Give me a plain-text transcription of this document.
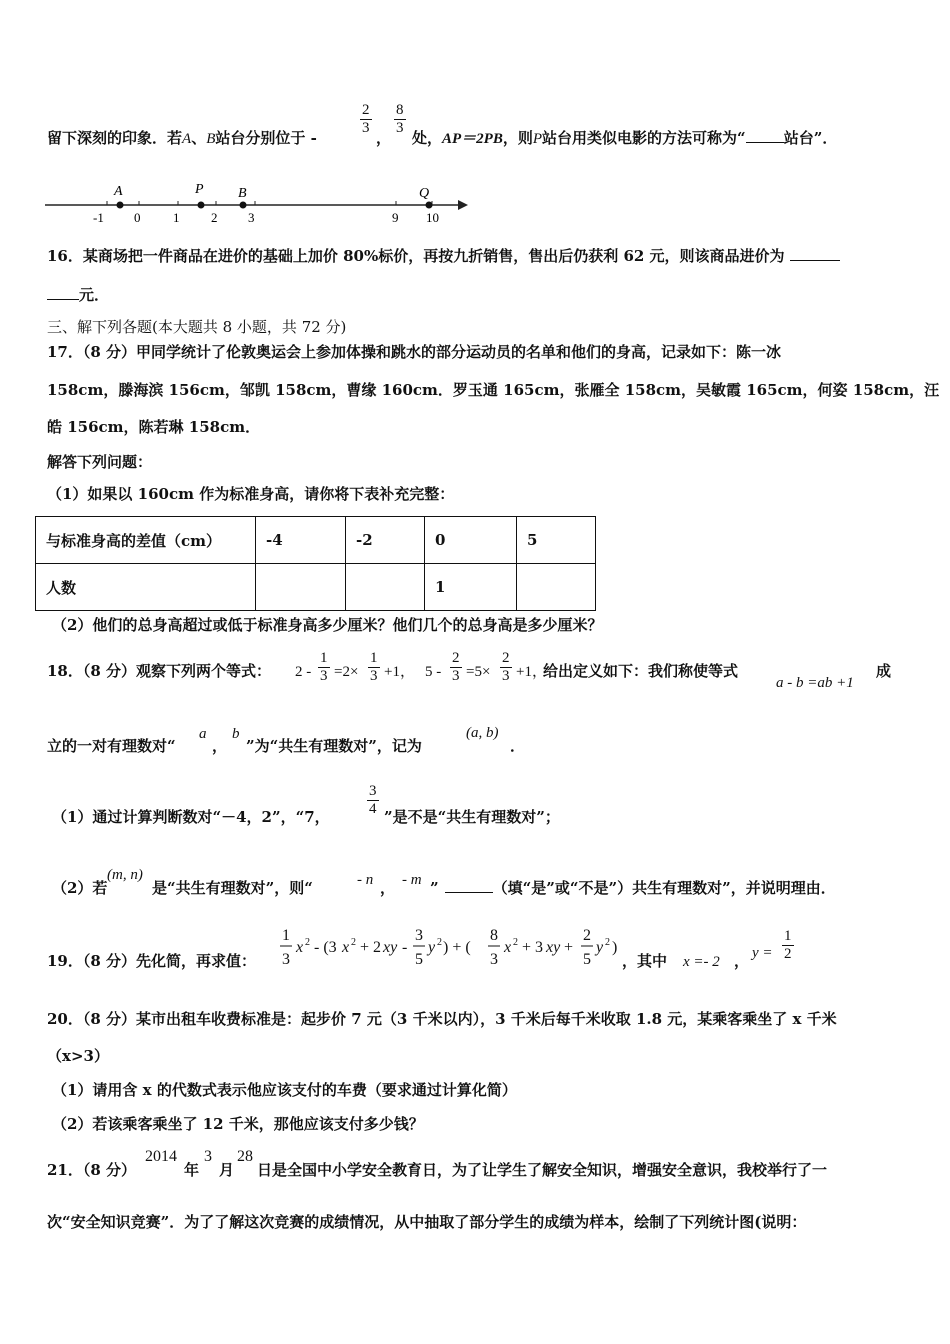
留下深刻的印象．若A、B站台分别位于 -
$\frac{2}{3}$
，
$\frac{8}{3}$
处，AP＝2PB，则P站台用类似电影的方法可称为“	站台”．
A	P B	Q
-1 0	1 2 3	9 10
16．某商场把一件商品在进价的基础上加价 80%标价，再按九折销售，售出后仍获利 62 元，则该商品进价为
元．
三、解下列各题(本大题共 8 小题，共 72 分)
17．（8 分）甲同学统计了伦敦奥运会上参加体操和跳水的部分运动员的名单和他们的身高，记录如下：陈一冰
158cm，滕海滨 156cm，邹凯 158cm，曹缘 160cm．罗玉通 165cm，张雁全 158cm，吴敏霞 165cm，何姿 158cm，汪
皓 156cm，陈若琳 158cm．
解答下列问题：
（1）如果以 160cm 作为标准身高，请你将下表补充完整：
与标准身高的差值（cm）	-4	-2	0	5
人数			1	
（2）他们的总身高超过或低于标准身高多少厘米？他们几个的总身高是多少厘米？
18．（8 分）观察下列两个等式： $2 - \frac{1}{3} =2\times \frac{1}{3} +1$， $5 - \frac{2}{3} =5\times \frac{2}{3} +1$，
给出定义如下：我们称使等式
a - b =ab +1
成
立的一对有理数对“
a
，
b
”为“共生有理数对”，记为
(a, b)
．
（1）通过计算判断数对“－4，2”，“7， $\frac{3}{4}$ ”是不是“共生有理数对”；
（2）若
(m, n)
是“共生有理数对”，则“	- n ， - m ”	（填“是”或“不是”）共生有理数对”，并说明理由．
19．（8 分）先化简，再求值：
1
3
x 2 - (3 x 2 + 2 xy -
3
5
y 2 ) + (
8
3
x 2 + 3 xy +
2
5
y 2 )
，其中 x =- 2 ， $y = \frac{1}{2}$
20．（8 分）某市出租车收费标准是：起步价 7 元（3 千米以内），3 千米后每千米收取 1.8 元，某乘客乘坐了 x 千米
（x>3）
（1）请用含 x 的代数式表示他应该支付的车费（要求通过计算化简）
（2）若该乘客乘坐了 12 千米，那他应该支付多少钱？
21．（8 分）
2014
年
3
月
28
日是全国中小学安全教育日，为了让学生了解安全知识，增强安全意识，我校举行了一
次“安全知识竞赛”．为了了解这次竞赛的成绩情况，从中抽取了部分学生的成绩为样本，绘制了下列统计图(说明：
